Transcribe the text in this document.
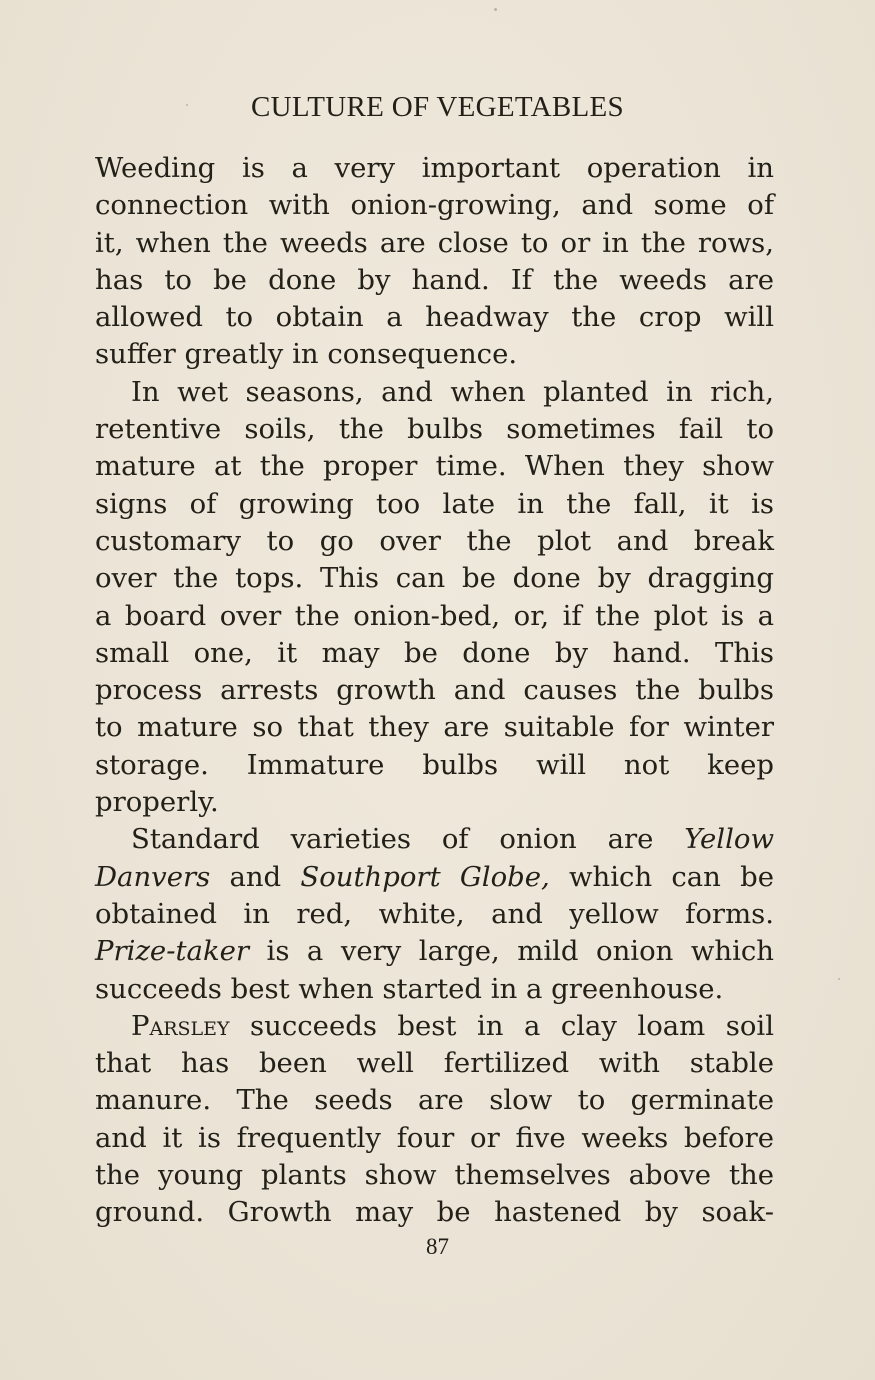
CULTURE OF VEGETABLES
Weeding is a very important operation in
connection with onion-growing, and some of
it, when the weeds are close to or in the rows,
has to be done by hand. If the weeds are
allowed to obtain a headway the crop will
suffer greatly in consequence.
In wet seasons, and when planted in rich,
retentive soils, the bulbs sometimes fail to
mature at the proper time. When they show
signs of growing too late in the fall, it is
customary to go over the plot and break
over the tops. This can be done by dragging
a board over the onion-bed, or, if the plot is a
small one, it may be done by hand. This
process arrests growth and causes the bulbs
to mature so that they are suitable for winter
storage. Immature bulbs will not keep
properly.
Standard varieties of onion are Yellow
Danvers and Southport Globe, which can be
obtained in red, white, and yellow forms.
Prize-taker is a very large, mild onion which
succeeds best when started in a greenhouse.
Parsley succeeds best in a clay loam soil
that has been well fertilized with stable
manure. The seeds are slow to germinate
and it is frequently four or five weeks before
the young plants show themselves above the
ground. Growth may be hastened by soak-
87
